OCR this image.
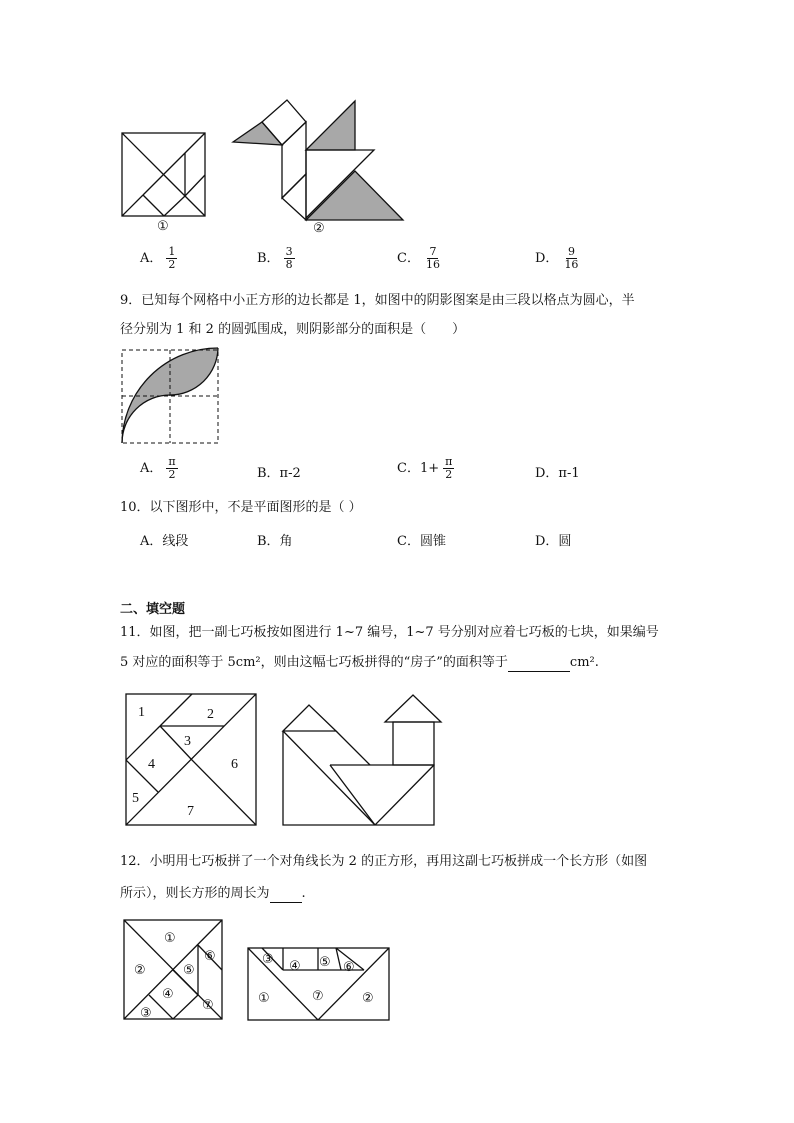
①	②
A． $\frac{1}{2}$	B． $\frac{3}{8}$	C． $\frac{7}{16}$	D． $\frac{9}{16}$
9．已知每个网格中小正方形的边长都是 1，如图中的阴影图案是由三段以格点为圆心，半
径分别为 1 和 2 的圆弧围成，则阴影部分的面积是（　　）
A． $\frac{\pi}{2}$	B．π-2	C．$1+ \frac{\pi}{2}$	D．π-1
10．以下图形中，不是平面图形的是（ ）
A．线段	B．角	C．圆锥	D．圆
二、填空题
11．如图，把一副七巧板按如图进行 1~7 编号，1~7 号分别对应着七巧板的七块，如果编号
5 对应的面积等于 5cm²，则由这幅七巧板拼得的“房子”的面积等于	cm².
1	2
3
4
5
6
7
12．小明用七巧板拼了一个对角线长为 2 的正方形，再用这副七巧板拼成一个长方形（如图
所示），则长方形的周长为 .
①
②
③
④
⑤
⑥
⑦
③ ④ ⑤ ⑥
①	⑦	②
